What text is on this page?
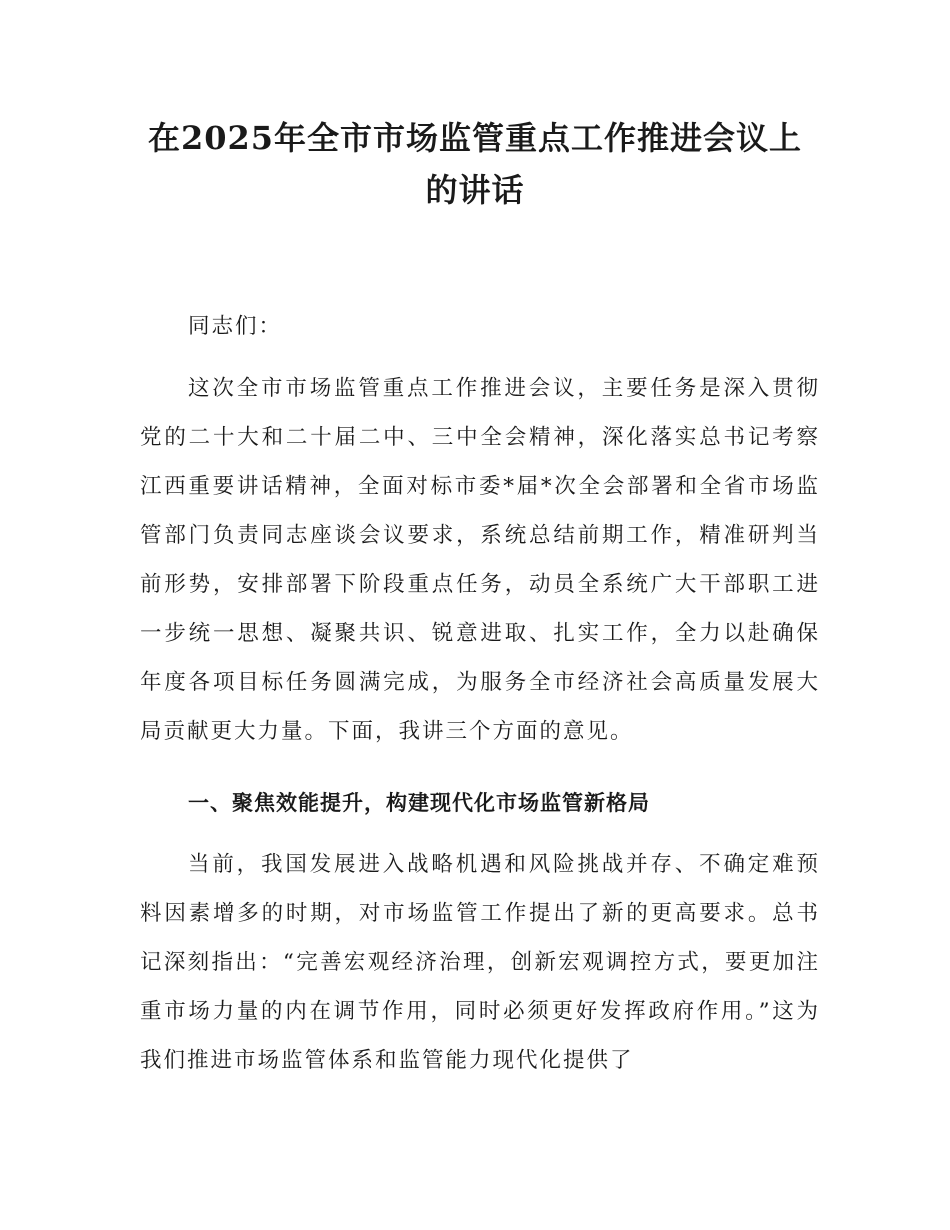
在2025年全市市场监管重点工作推进会议上的讲话

同志们：

这次全市市场监管重点工作推进会议，主要任务是深入贯彻党的二十大和二十届二中、三中全会精神，深化落实总书记考察江西重要讲话精神，全面对标市委*届*次全会部署和全省市场监管部门负责同志座谈会议要求，系统总结前期工作，精准研判当前形势，安排部署下阶段重点任务，动员全系统广大干部职工进一步统一思想、凝聚共识、锐意进取、扎实工作，全力以赴确保年度各项目标任务圆满完成，为服务全市经济社会高质量发展大局贡献更大力量。下面，我讲三个方面的意见。

一、聚焦效能提升，构建现代化市场监管新格局

当前，我国发展进入战略机遇和风险挑战并存、不确定难预料因素增多的时期，对市场监管工作提出了新的更高要求。总书记深刻指出：“完善宏观经济治理，创新宏观调控方式，要更加注重市场力量的内在调节作用，同时必须更好发挥政府作用。”这为我们推进市场监管体系和监管能力现代化提供了
